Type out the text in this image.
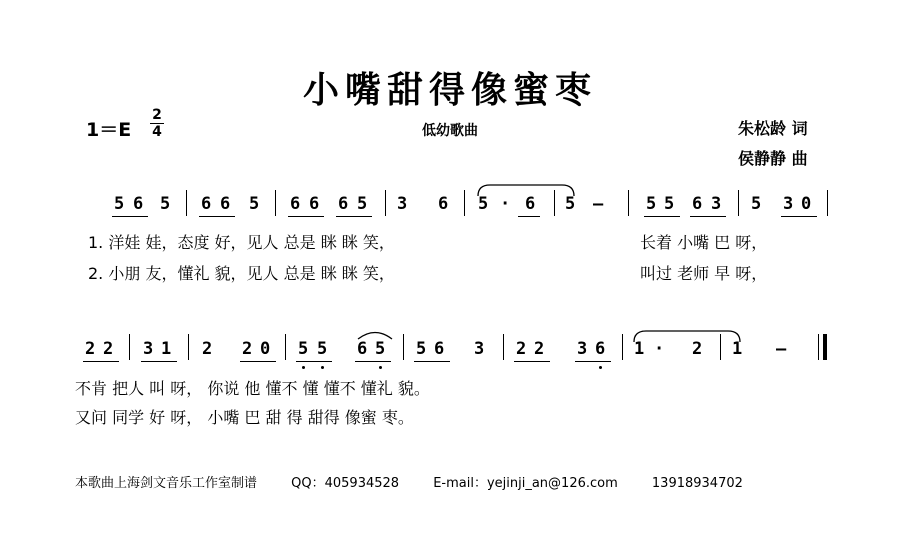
小嘴甜得像蜜枣
1＝E
2
4	低幼歌曲	朱松龄 词
侯静静 曲
5 6 5 6 6 5 6 6 6 5 3 6 5 · 6 5 –	5 5 6 3 5 3 0
1. 洋娃 娃，态度 好，见人 总是 眯 眯 笑，	长着 小嘴 巴 呀，
2. 小朋 友，懂礼 貌，见人 总是 眯 眯 笑，	叫过 老师 早 呀，
2 2 3 1 2 2 0 5 5 6 5 5 6 3 2 2 3 6 1 · 2 1 –
不肯 把人 叫 呀， 你说 他 懂不 懂 懂不 懂礼 貌。
又问 同学 好 呀， 小嘴 巴 甜 得 甜得 像蜜 枣。
本歌曲上海剑文音乐工作室制谱	QQ：405934528	E-mail：yejinji_an@126.com	13918934702
